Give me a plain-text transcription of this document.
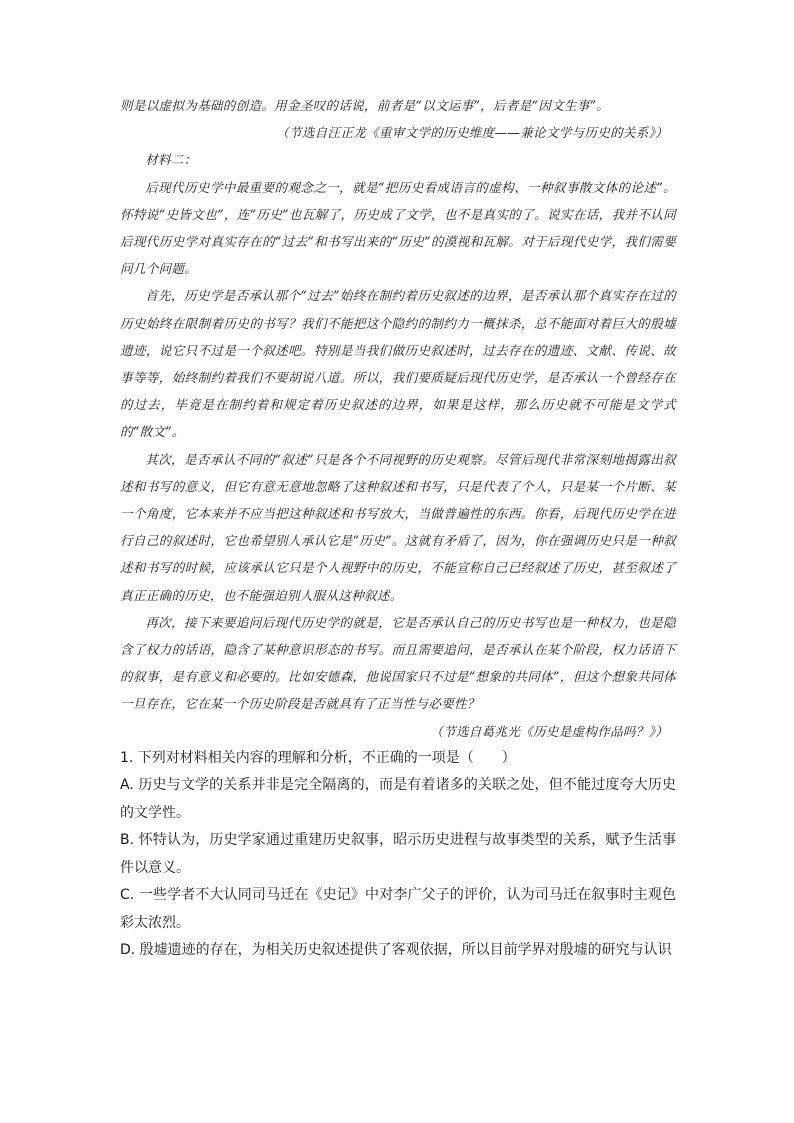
则是以虚拟为基础的创造。用金圣叹的话说，前者是“以文运事”，后者是“因文生事”。

（节选自汪正龙《重审文学的历史维度——兼论文学与历史的关系》）

材料二：

后现代历史学中最重要的观念之一，就是“把历史看成语言的虚构、一种叙事散文体的论述”。怀特说“史皆文也”，连“历史”也瓦解了，历史成了文学，也不是真实的了。说实在话，我并不认同后现代历史学对真实存在的“过去”和书写出来的“历史”的漠视和瓦解。对于后现代史学，我们需要问几个问题。

首先，历史学是否承认那个“过去”始终在制约着历史叙述的边界，是否承认那个真实存在过的历史始终在限制着历史的书写？我们不能把这个隐约的制约力一概抹杀，总不能面对着巨大的殷墟遗迹，说它只不过是一个叙述吧。特别是当我们做历史叙述时，过去存在的遗迹、文献、传说、故事等等，始终制约着我们不要胡说八道。所以，我们要质疑后现代历史学，是否承认一个曾经存在的过去，毕竟是在制约着和规定着历史叙述的边界，如果是这样，那么历史就不可能是文学式的“散文”。

其次，是否承认不同的“叙述”只是各个不同视野的历史观察。尽管后现代非常深刻地揭露出叙述和书写的意义，但它有意无意地忽略了这种叙述和书写，只是代表了个人，只是某一个片断、某一个角度，它本来并不应当把这种叙述和书写放大，当做普遍性的东西。你看，后现代历史学在进行自己的叙述时，它也希望别人承认它是“历史”。这就有矛盾了，因为，你在强调历史只是一种叙述和书写的时候，应该承认它只是个人视野中的历史，不能宣称自己已经叙述了历史，甚至叙述了真正正确的历史，也不能强迫别人服从这种叙述。

再次，接下来要追问后现代历史学的就是，它是否承认自己的历史书写也是一种权力，也是隐含了权力的话语，隐含了某种意识形态的书写。而且需要追问，是否承认在某个阶段，权力话语下的叙事，是有意义和必要的。比如安德森，他说国家只不过是“想象的共同体”，但这个想象共同体一旦存在，它在某一个历史阶段是否就具有了正当性与必要性？

（节选自葛兆光《历史是虚构作品吗？》）

1. 下列对材料相关内容的理解和分析，不正确的一项是（　　）

A. 历史与文学的关系并非是完全隔离的，而是有着诸多的关联之处，但不能过度夸大历史的文学性。

B. 怀特认为，历史学家通过重建历史叙事，昭示历史进程与故事类型的关系，赋予生活事件以意义。

C. 一些学者不大认同司马迁在《史记》中对李广父子的评价，认为司马迁在叙事时主观色彩太浓烈。

D. 殷墟遗迹的存在，为相关历史叙述提供了客观依据，所以目前学界对殷墟的研究与认识
